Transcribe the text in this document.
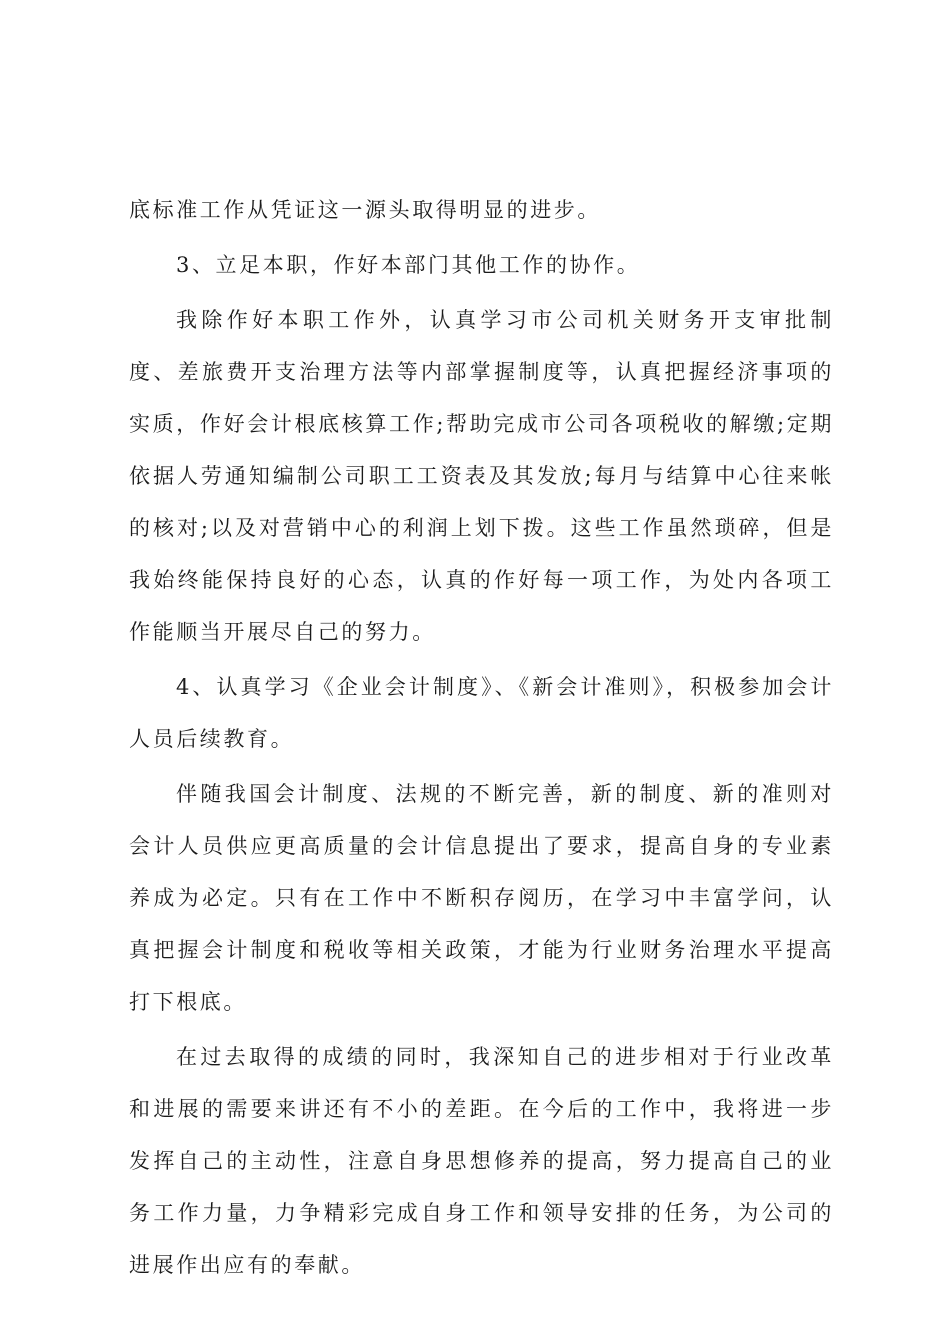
底标准工作从凭证这一源头取得明显的进步。

3、立足本职，作好本部门其他工作的协作。

我除作好本职工作外，认真学习市公司机关财务开支审批制度、差旅费开支治理方法等内部掌握制度等，认真把握经济事项的实质，作好会计根底核算工作;帮助完成市公司各项税收的解缴;定期依据人劳通知编制公司职工工资表及其发放;每月与结算中心往来帐的核对;以及对营销中心的利润上划下拨。这些工作虽然琐碎，但是我始终能保持良好的心态，认真的作好每一项工作，为处内各项工作能顺当开展尽自己的努力。

4、认真学习《企业会计制度》、《新会计准则》，积极参加会计人员后续教育。

伴随我国会计制度、法规的不断完善，新的制度、新的准则对会计人员供应更高质量的会计信息提出了要求，提高自身的专业素养成为必定。只有在工作中不断积存阅历，在学习中丰富学问，认真把握会计制度和税收等相关政策，才能为行业财务治理水平提高打下根底。

在过去取得的成绩的同时，我深知自己的进步相对于行业改革和进展的需要来讲还有不小的差距。在今后的工作中，我将进一步发挥自己的主动性，注意自身思想修养的提高，努力提高自己的业务工作力量，力争精彩完成自身工作和领导安排的任务，为公司的进展作出应有的奉献。
